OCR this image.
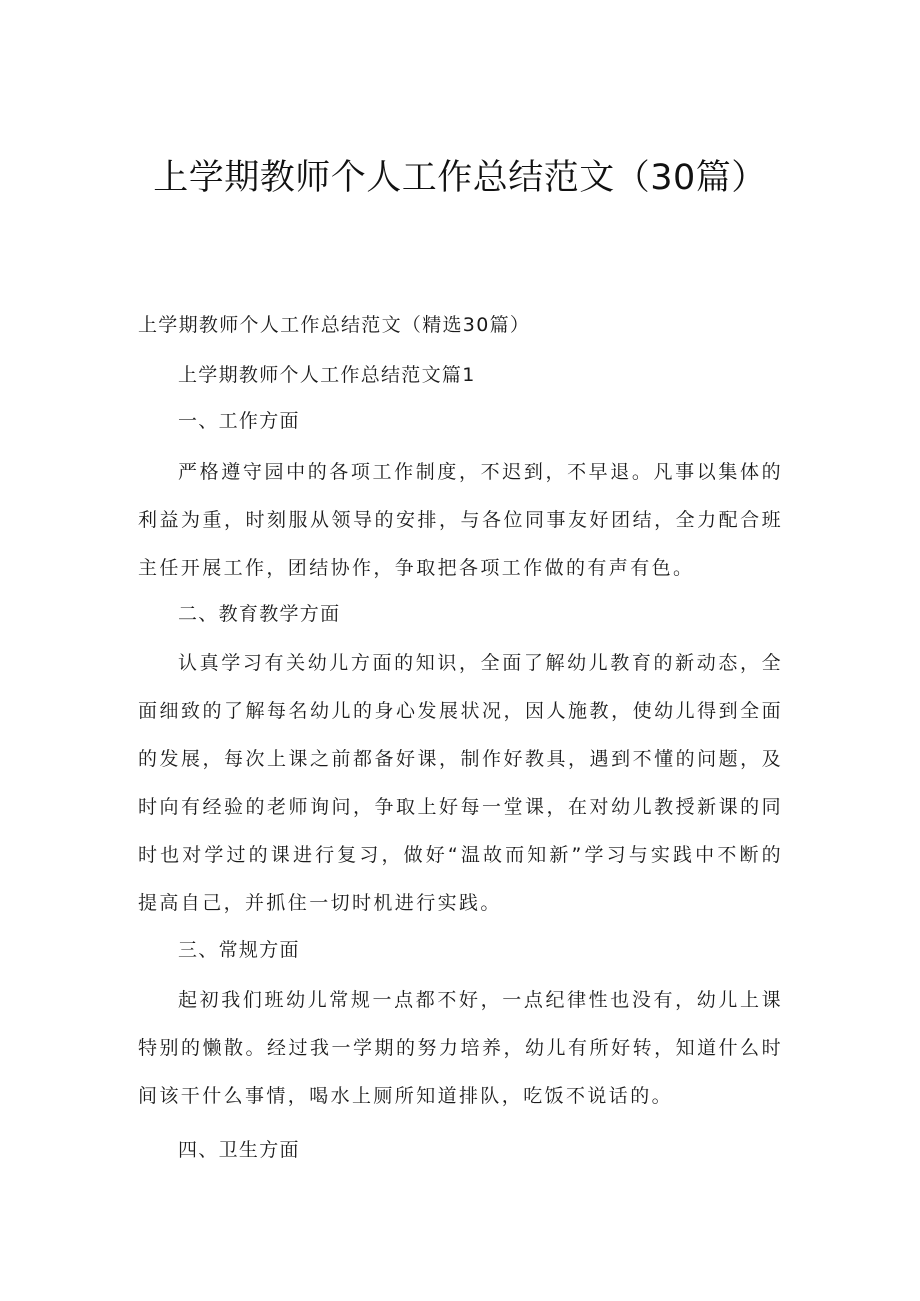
上学期教师个人工作总结范文（30篇）
上学期教师个人工作总结范文（精选30篇）
上学期教师个人工作总结范文篇1
一、工作方面
严格遵守园中的各项工作制度，不迟到，不早退。凡事以集体的利益为重，时刻服从领导的安排，与各位同事友好团结，全力配合班主任开展工作，团结协作，争取把各项工作做的有声有色。
二、教育教学方面
认真学习有关幼儿方面的知识，全面了解幼儿教育的新动态，全面细致的了解每名幼儿的身心发展状况，因人施教，使幼儿得到全面的发展，每次上课之前都备好课，制作好教具，遇到不懂的问题，及时向有经验的老师询问，争取上好每一堂课，在对幼儿教授新课的同时也对学过的课进行复习，做好“温故而知新”学习与实践中不断的提高自己，并抓住一切时机进行实践。
三、常规方面
起初我们班幼儿常规一点都不好，一点纪律性也没有，幼儿上课特别的懒散。经过我一学期的努力培养，幼儿有所好转，知道什么时间该干什么事情，喝水上厕所知道排队，吃饭不说话的。
四、卫生方面
